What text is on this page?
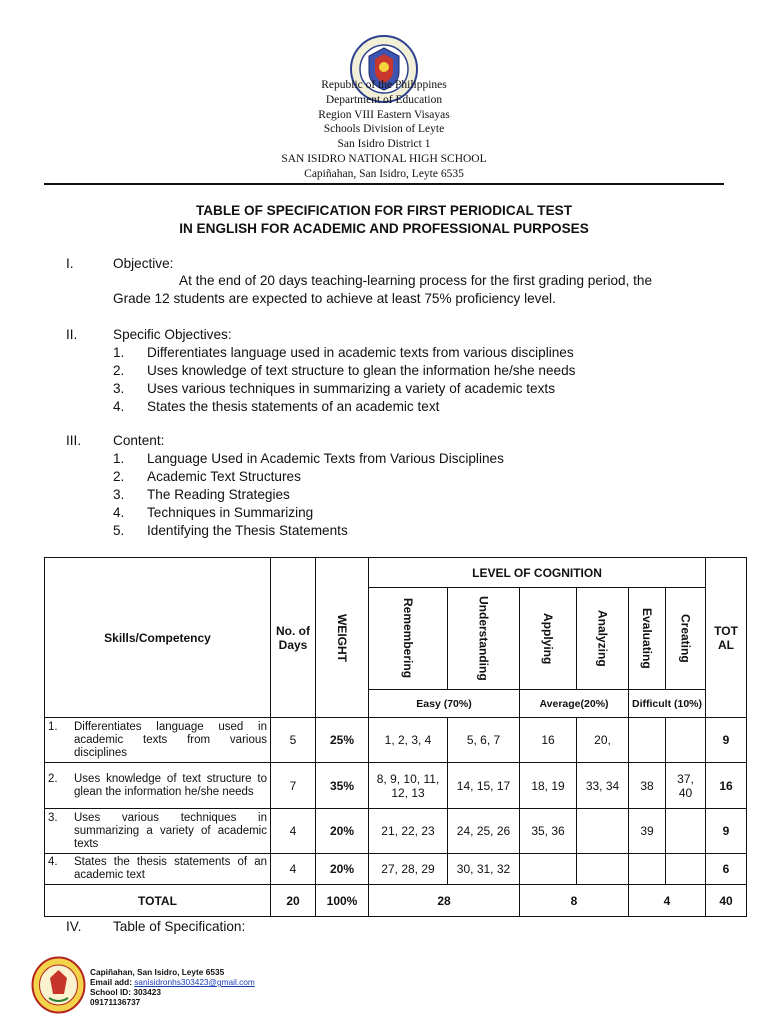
Republic of the Philippines
Department of Education
Region VIII Eastern Visayas
Schools Division of Leyte
San Isidro District 1
SAN ISIDRO NATIONAL HIGH SCHOOL
Capiñahan, San Isidro, Leyte 6535
TABLE OF SPECIFICATION FOR FIRST PERIODICAL TEST
IN ENGLISH FOR ACADEMIC AND PROFESSIONAL PURPOSES
I.	Objective:
At the end of 20 days teaching-learning process for the first grading period, the
Grade 12 students are expected to achieve at least 75% proficiency level.
II.	Specific Objectives:
1.	Differentiates language used in academic texts from various disciplines
2.	Uses knowledge of text structure to glean the information he/she needs
3.	Uses various techniques in summarizing a variety of academic texts
4.	States the thesis statements of an academic text
III. Content:
1.	Language Used in Academic Texts from Various Disciplines
2.	Academic Text Structures
3.	The Reading Strategies
4.	Techniques in Summarizing
5.	Identifying the Thesis Statements
Skills/Competency	No. of Days	WEIGHT	LEVEL OF COGNITION						TOT AL

			Remembering	Understanding	Applying	Analyzing	Evaluating	Creating	

			Easy (70%)		Average(20%)		Difficult (10%)		

1. Differentiates language used in academic texts from various disciplines	5	25%	1, 2, 3, 4	5, 6, 7	16	20,			9

2. Uses knowledge of text structure to glean the information he/she needs	7	35%	8, 9, 10, 11, 12, 13	14, 15, 17	18, 19	33, 34	38	37, 40	16

3. Uses various techniques in summarizing a variety of academic texts	4	20%	21, 22, 23	24, 25, 26	35, 36		39		9

4. States the thesis statements of an academic text	4	20%	27, 28, 29	30, 31, 32					6
TOTAL	20	100%	28		8		4		40
IV. Table of Specification:
Capiñahan, San Isidro, Leyte 6535
Email add: sanisidronhs303423@gmail.com
School ID: 303423
09171136737
